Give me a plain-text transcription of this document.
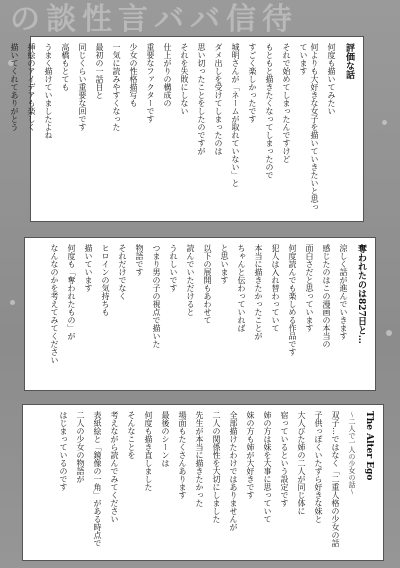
の談性言ババ信待
評価な話
何度も描いてみたい
何よりも大好きな女子を描いていきたいと思っています
それで始めてしまったんですけど
もともと描きたくなってしまったので
すごく楽しかったです
城明さんが「ネームが取れていない」と
ダメ出しを受けてしまったのは
思い切ったことをしたのですが
それを失敗にしない
仕上がりの構成の
重要なファクターです
少女の性格描写も
一気に読みやすくなった
最初の一話目と
同じくらい重要な回です
高橋もとても
うまく描けていましたよね
挿絵のアイデアも楽しく
描いてくれてありがとう
奪われたのは827日と…
涼しく話が進んでいきます
感じたのはこの漫画の本当の
面白さだと思っています
何度読んでも楽しめる作品です
犯人は入れ替わっていて
本当に描きたかったことが
ちゃんと伝わっていれば
と思います
以下の展開もあわせて
読んでいただけると
うれしいです
つまり男の子の視点で描いた
物語です
それだけでなく
ヒロインの気持ちも
描いています
何度も「奪われたもの」が
なんなのかを考えてみてください
The Alter Ego
～二人で一人の少女の話～
双子…ではなく「二重人格の少女の話
子供っぽくいたずら好きな妹と
大人びた姉の二人が同じ体に
宿っているという設定です
姉の方は妹を大事に思っていて
妹の方も姉が大好きです
全部描けたわけではありませんが
二人の関係性を大切にしました
先生が本当に描きたかった
場面もたくさんあります
最後のシーンは
何度も描き直しました
そんなことを
考えながら読んでみてください
表紙絵と「鏡像の一角」がある時点で
二人の少女の物語が
はじまっているのです
